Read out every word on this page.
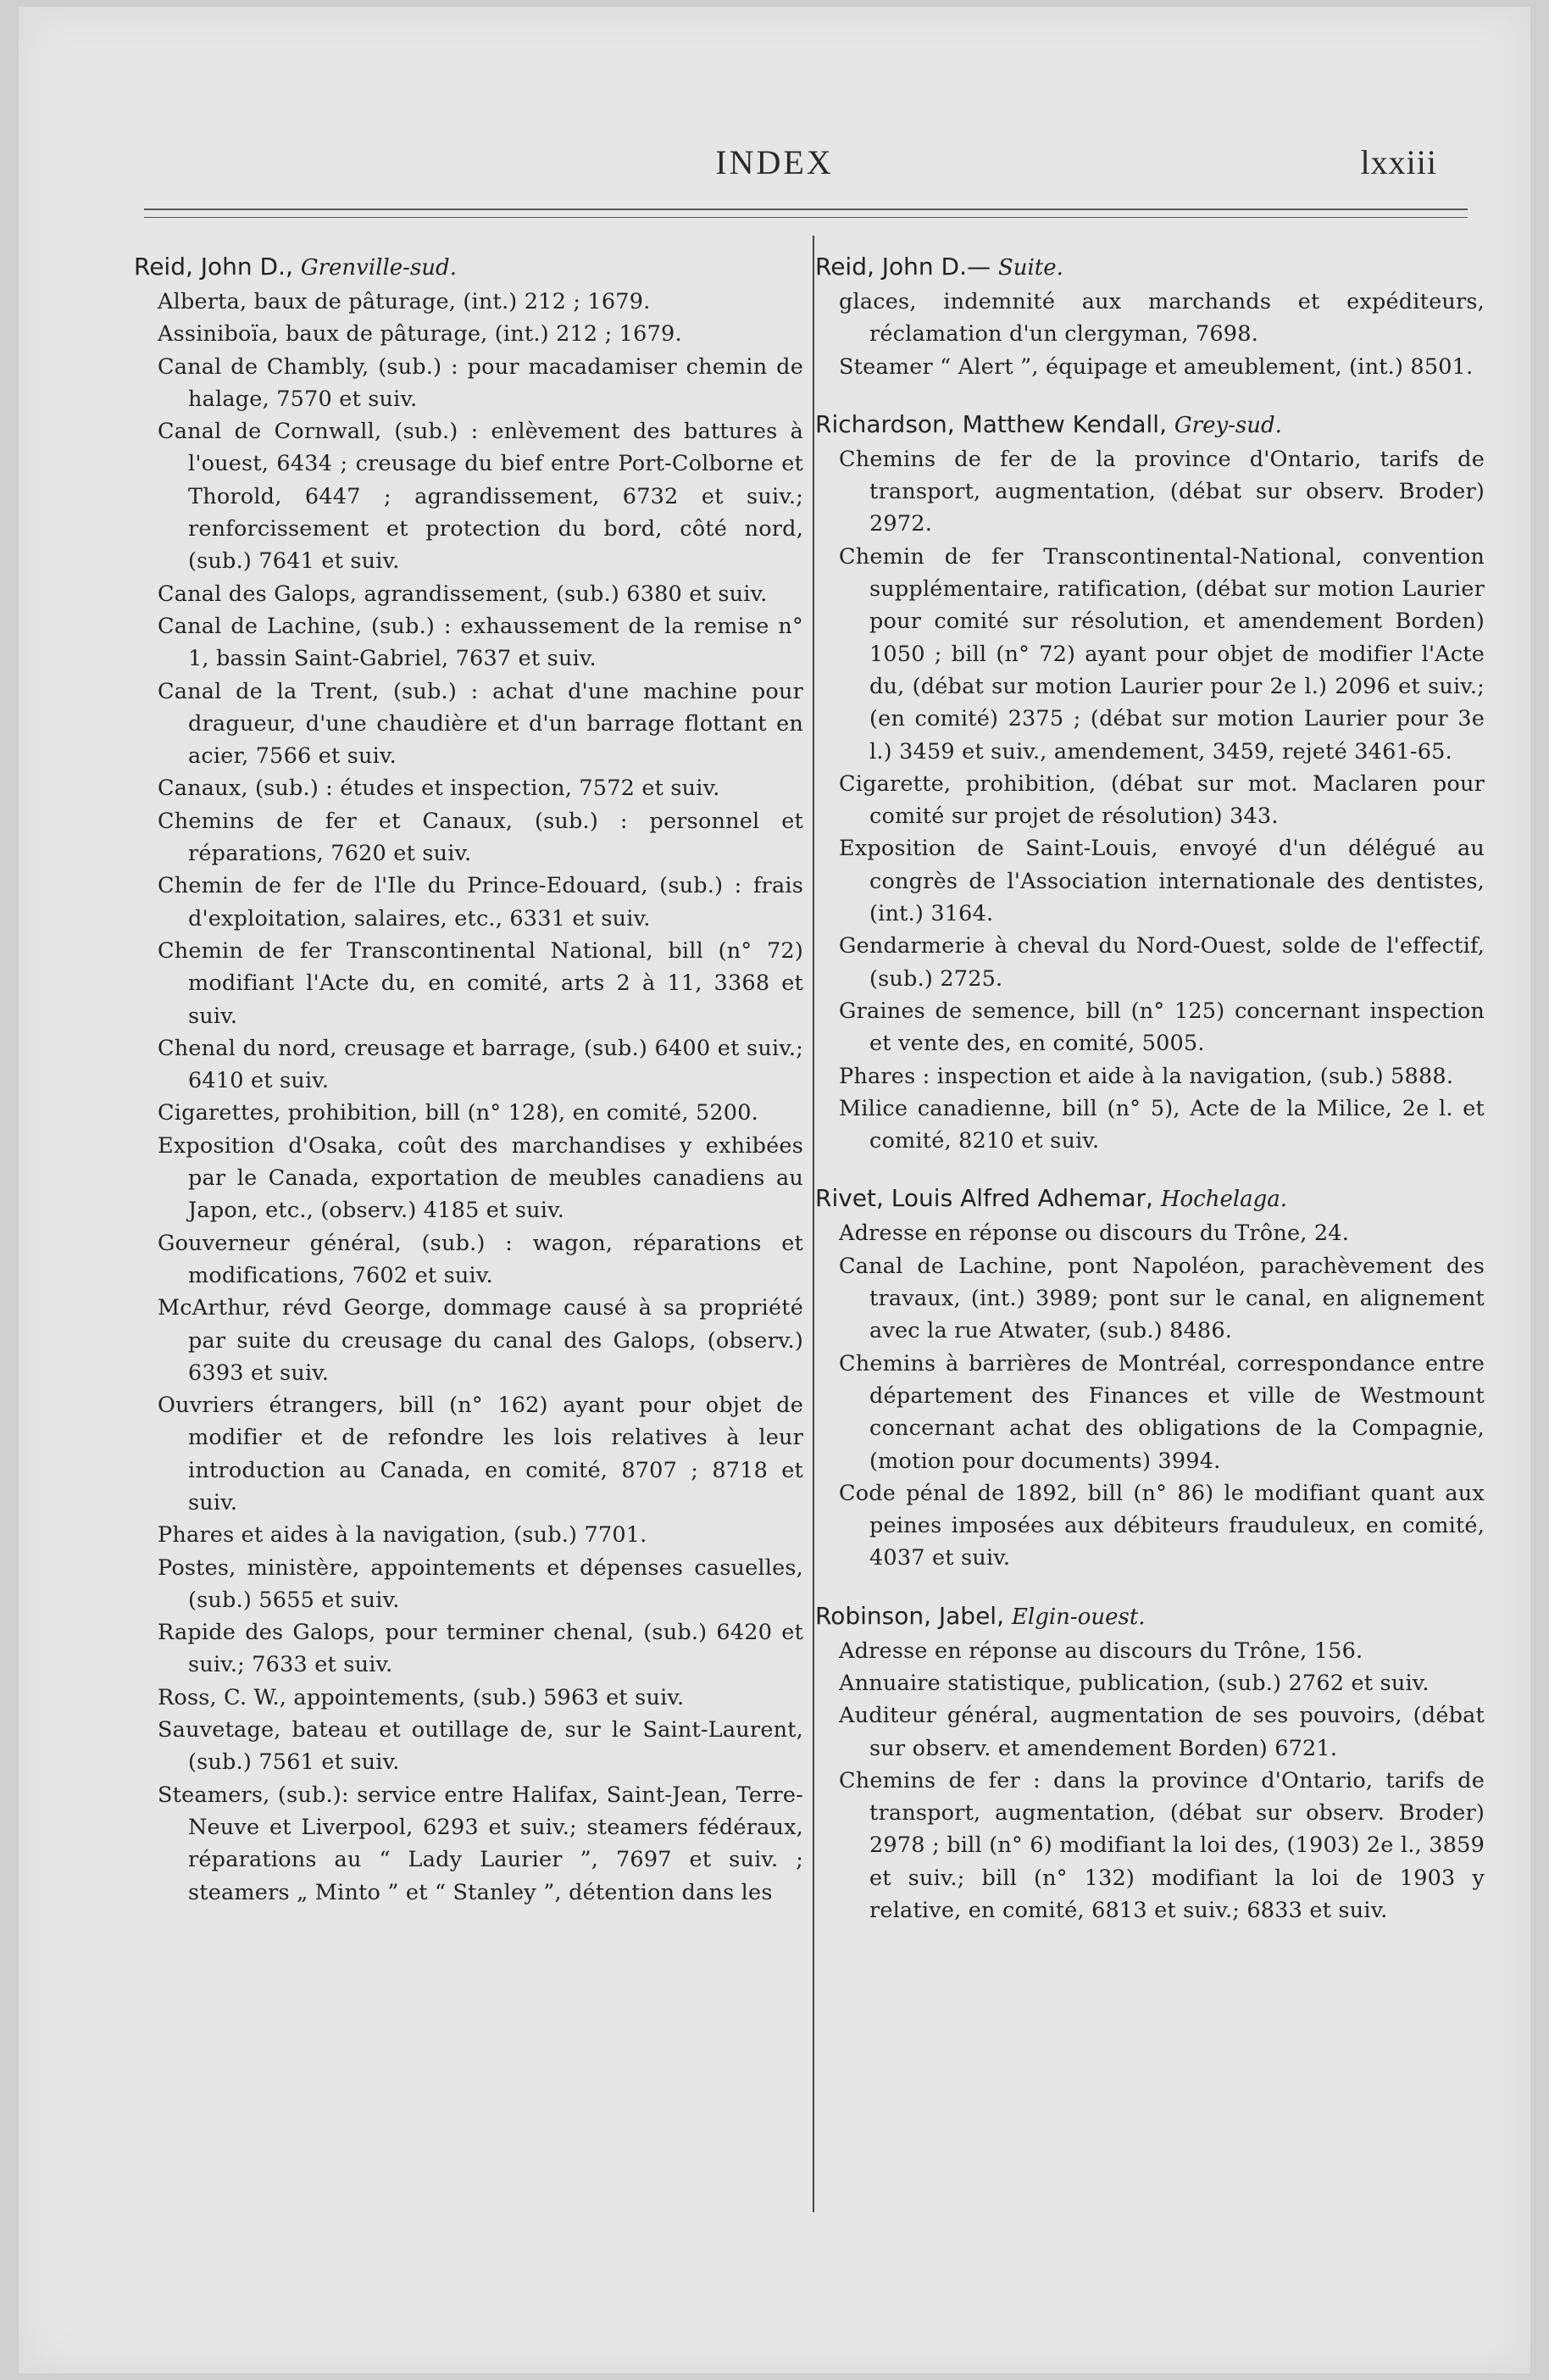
INDEX	lxxiii
Reid, John D., Grenville-sud.
Alberta, baux de pâturage, (int.) 212 ; 1679.
Assiniboïa, baux de pâturage, (int.) 212 ; 1679.
Canal de Chambly, (sub.) : pour macadamiser chemin de halage, 7570 et suiv.
Canal de Cornwall, (sub.) : enlèvement des battures à l'ouest, 6434 ; creusage du bief entre Port-Colborne et Thorold, 6447 ; agrandissement, 6732 et suiv.; renforcissement et protection du bord, côté nord, (sub.) 7641 et suiv.
Canal des Galops, agrandissement, (sub.) 6380 et suiv.
Canal de Lachine, (sub.) : exhaussement de la remise n° 1, bassin Saint-Gabriel, 7637 et suiv.
Canal de la Trent, (sub.) : achat d'une machine pour dragueur, d'une chaudière et d'un barrage flottant en acier, 7566 et suiv.
Canaux, (sub.) : études et inspection, 7572 et suiv.
Chemins de fer et Canaux, (sub.) : personnel et réparations, 7620 et suiv.
Chemin de fer de l'Ile du Prince-Edouard, (sub.) : frais d'exploitation, salaires, etc., 6331 et suiv.
Chemin de fer Transcontinental National, bill (n° 72) modifiant l'Acte du, en comité, arts 2 à 11, 3368 et suiv.
Chenal du nord, creusage et barrage, (sub.) 6400 et suiv.; 6410 et suiv.
Cigarettes, prohibition, bill (n° 128), en comité, 5200.
Exposition d'Osaka, coût des marchandises y exhibées par le Canada, exportation de meubles canadiens au Japon, etc., (observ.) 4185 et suiv.
Gouverneur général, (sub.) : wagon, réparations et modifications, 7602 et suiv.
McArthur, révd George, dommage causé à sa propriété par suite du creusage du canal des Galops, (observ.) 6393 et suiv.
Ouvriers étrangers, bill (n° 162) ayant pour objet de modifier et de refondre les lois relatives à leur introduction au Canada, en comité, 8707 ; 8718 et suiv.
Phares et aides à la navigation, (sub.) 7701.
Postes, ministère, appointements et dépenses casuelles, (sub.) 5655 et suiv.
Rapide des Galops, pour terminer chenal, (sub.) 6420 et suiv.; 7633 et suiv.
Ross, C. W., appointements, (sub.) 5963 et suiv.
Sauvetage, bateau et outillage de, sur le Saint-Laurent, (sub.) 7561 et suiv.
Steamers, (sub.): service entre Halifax, Saint-Jean, Terre-Neuve et Liverpool, 6293 et suiv.; steamers fédéraux, réparations au “ Lady Laurier ”, 7697 et suiv. ; steamers „ Minto ” et “ Stanley ”, détention dans les
Reid, John D.— Suite.
glaces, indemnité aux marchands et expéditeurs, réclamation d'un clergyman, 7698.
Steamer “ Alert ”, équipage et ameublement, (int.) 8501.
Richardson, Matthew Kendall, Grey-sud.
Chemins de fer de la province d'Ontario, tarifs de transport, augmentation, (débat sur observ. Broder) 2972.
Chemin de fer Transcontinental-National, convention supplémentaire, ratification, (débat sur motion Laurier pour comité sur résolution, et amendement Borden) 1050 ; bill (n° 72) ayant pour objet de modifier l'Acte du, (débat sur motion Laurier pour 2e l.) 2096 et suiv.; (en comité) 2375 ; (débat sur motion Laurier pour 3e l.) 3459 et suiv., amendement, 3459, rejeté 3461-65.
Cigarette, prohibition, (débat sur mot. Maclaren pour comité sur projet de résolution) 343.
Exposition de Saint-Louis, envoyé d'un délégué au congrès de l'Association internationale des dentistes, (int.) 3164.
Gendarmerie à cheval du Nord-Ouest, solde de l'effectif, (sub.) 2725.
Graines de semence, bill (n° 125) concernant inspection et vente des, en comité, 5005.
Phares : inspection et aide à la navigation, (sub.) 5888.
Milice canadienne, bill (n° 5), Acte de la Milice, 2e l. et comité, 8210 et suiv.
Rivet, Louis Alfred Adhemar, Hochelaga.
Adresse en réponse ou discours du Trône, 24.
Canal de Lachine, pont Napoléon, parachèvement des travaux, (int.) 3989; pont sur le canal, en alignement avec la rue Atwater, (sub.) 8486.
Chemins à barrières de Montréal, correspondance entre département des Finances et ville de Westmount concernant achat des obligations de la Compagnie, (motion pour documents) 3994.
Code pénal de 1892, bill (n° 86) le modifiant quant aux peines imposées aux débiteurs frauduleux, en comité, 4037 et suiv.
Robinson, Jabel, Elgin-ouest.
Adresse en réponse au discours du Trône, 156.
Annuaire statistique, publication, (sub.) 2762 et suiv.
Auditeur général, augmentation de ses pouvoirs, (débat sur observ. et amendement Borden) 6721.
Chemins de fer : dans la province d'Ontario, tarifs de transport, augmentation, (débat sur observ. Broder) 2978 ; bill (n° 6) modifiant la loi des, (1903) 2e l., 3859 et suiv.; bill (n° 132) modifiant la loi de 1903 y relative, en comité, 6813 et suiv.; 6833 et suiv.
